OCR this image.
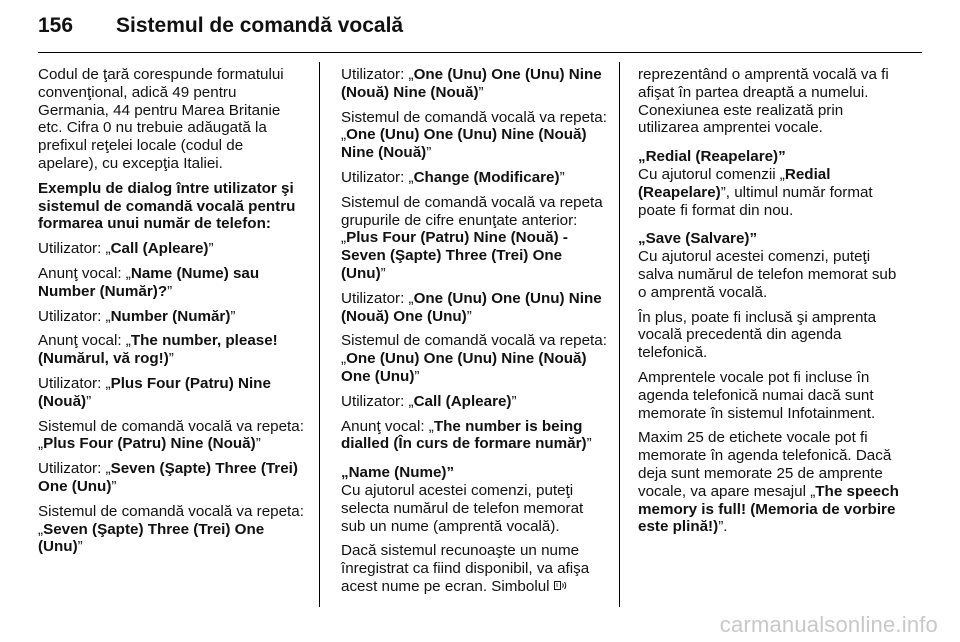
156	Sistemul de comandă vocală

Codul de ţară corespunde formatului convenţional, adică 49 pentru Germania, 44 pentru Marea Britanie etc. Cifra 0 nu trebuie adăugată la prefixul reţelei locale (codul de apelare), cu excepţia Italiei.

Exemplu de dialog între utilizator şi sistemul de comandă vocală pentru formarea unui număr de telefon:

Utilizator: „Call (Apleare)”

Anunţ vocal: „Name (Nume) sau Number (Număr)?”

Utilizator: „Number (Număr)”

Anunţ vocal: „The number, please! (Numărul, vă rog!)”

Utilizator: „Plus Four (Patru) Nine (Nouă)”

Sistemul de comandă vocală va repeta: „Plus Four (Patru) Nine (Nouă)”

Utilizator: „Seven (Şapte) Three (Trei) One (Unu)”

Sistemul de comandă vocală va repeta: „Seven (Şapte) Three (Trei) One (Unu)”

Utilizator: „One (Unu) One (Unu) Nine (Nouă) Nine (Nouă)”

Sistemul de comandă vocală va repeta: „One (Unu) One (Unu) Nine (Nouă) Nine (Nouă)”

Utilizator: „Change (Modificare)”

Sistemul de comandă vocală va repeta grupurile de cifre enunţate anterior: „Plus Four (Patru) Nine (Nouă) - Seven (Şapte) Three (Trei) One (Unu)”

Utilizator: „One (Unu) One (Unu) Nine (Nouă) One (Unu)”

Sistemul de comandă vocală va repeta: „One (Unu) One (Unu) Nine (Nouă) One (Unu)”

Utilizator: „Call (Apleare)”

Anunţ vocal: „The number is being dialled (În curs de formare număr)”

„Name (Nume)”

Cu ajutorul acestei comenzi, puteţi selecta numărul de telefon memorat sub un nume (amprentă vocală).

Dacă sistemul recunoaşte un nume înregistrat ca fiind disponibil, va afişa acest nume pe ecran. Simbolul

reprezentând o amprentă vocală va fi afişat în partea dreaptă a numelui. Conexiunea este realizată prin utilizarea amprentei vocale.

„Redial (Reapelare)”

Cu ajutorul comenzii „Redial (Reapelare)”, ultimul număr format poate fi format din nou.

„Save (Salvare)”

Cu ajutorul acestei comenzi, puteţi salva numărul de telefon memorat sub o amprentă vocală.

În plus, poate fi inclusă şi amprenta vocală precedentă din agenda telefonică.

Amprentele vocale pot fi incluse în agenda telefonică numai dacă sunt memorate în sistemul Infotainment.

Maxim 25 de etichete vocale pot fi memorate în agenda telefonică. Dacă deja sunt memorate 25 de amprente vocale, va apare mesajul „The speech memory is full! (Memoria de vorbire este plină!)”.

carmanualsonline.info
